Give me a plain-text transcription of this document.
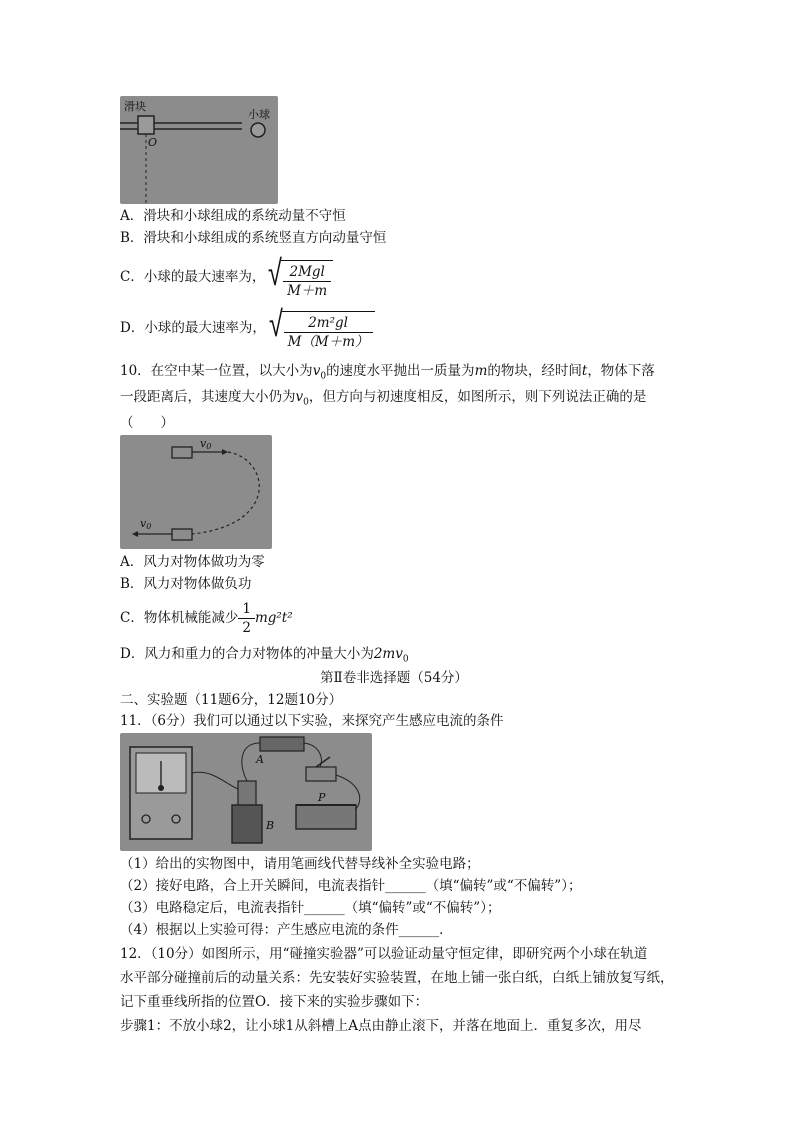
滑块
小球
O
A．滑块和小球组成的系统动量不守恒
B．滑块和小球组成的系统竖直方向动量守恒
C．小球的最大速率为， √ $\frac{\text{2Mgl}}{M+m}$
D．小球的最大速率为， √ $\frac{\text{2m²gl}}{M(M+m)}$
10．在空中某一位置，以大小为$v_0$的速度水平抛出一质量为m的物块，经时间t，物体下落
一段距离后，其速度大小仍为$v_0$，但方向与初速度相反，如图所示，则下列说法正确的是
（　　）
v0
v0
A．风力对物体做功为零
B．风力对物体做负功
C．物体机械能减少 $\frac{1}{2} mg^2t^2$
D．风力和重力的合力对物体的冲量大小为$2mv_0$
第Ⅱ卷非选择题（54分）
二、实验题（11题6分，12题10分）
11．（6分）我们可以通过以下实验，来探究产生感应电流的条件
A
B
P
（1）给出的实物图中，请用笔画线代替导线补全实验电路；
（2）接好电路，合上开关瞬间，电流表指针______（填“偏转”或“不偏转”）；
（3）电路稳定后，电流表指针______（填“偏转”或“不偏转”）；
（4）根据以上实验可得：产生感应电流的条件______．
12．（10分）如图所示，用“碰撞实验器”可以验证动量守恒定律，即研究两个小球在轨道
水平部分碰撞前后的动量关系：先安装好实验装置，在地上铺一张白纸，白纸上铺放复写纸，
记下重垂线所指的位置O．接下来的实验步骤如下：
步骤1：不放小球2，让小球1从斜槽上A点由静止滚下，并落在地面上．重复多次，用尽
